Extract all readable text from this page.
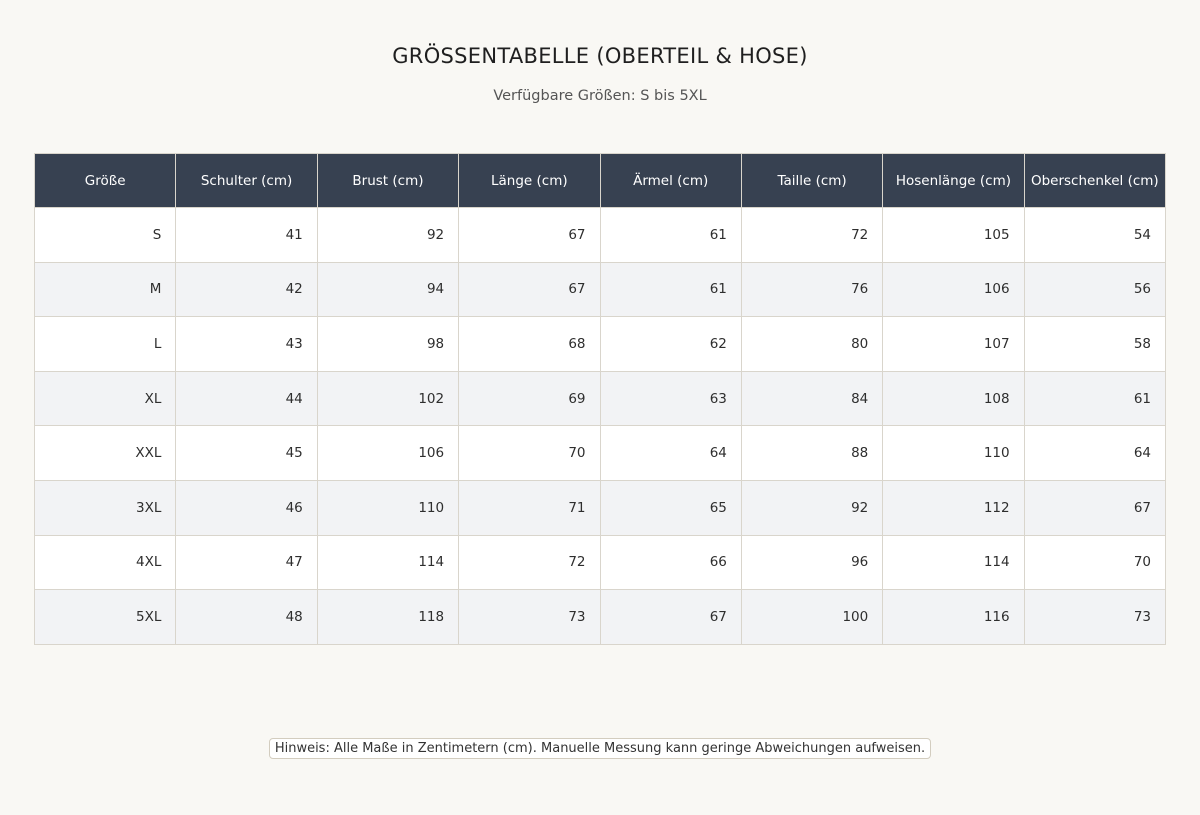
GRÖSSENTABELLE (OBERTEIL & HOSE)
Verfügbare Größen: S bis 5XL
Größe	Schulter (cm)	Brust (cm)	Länge (cm)	Ärmel (cm)	Taille (cm)	Hosenlänge (cm)	Oberschenkel (cm)
S	41	92	67	61	72	105	54
M	42	94	67	61	76	106	56
L	43	98	68	62	80	107	58
XL	44	102	69	63	84	108	61
XXL	45	106	70	64	88	110	64
3XL	46	110	71	65	92	112	67
4XL	47	114	72	66	96	114	70
5XL	48	118	73	67	100	116	73
Hinweis: Alle Maße in Zentimetern (cm). Manuelle Messung kann geringe Abweichungen aufweisen.
